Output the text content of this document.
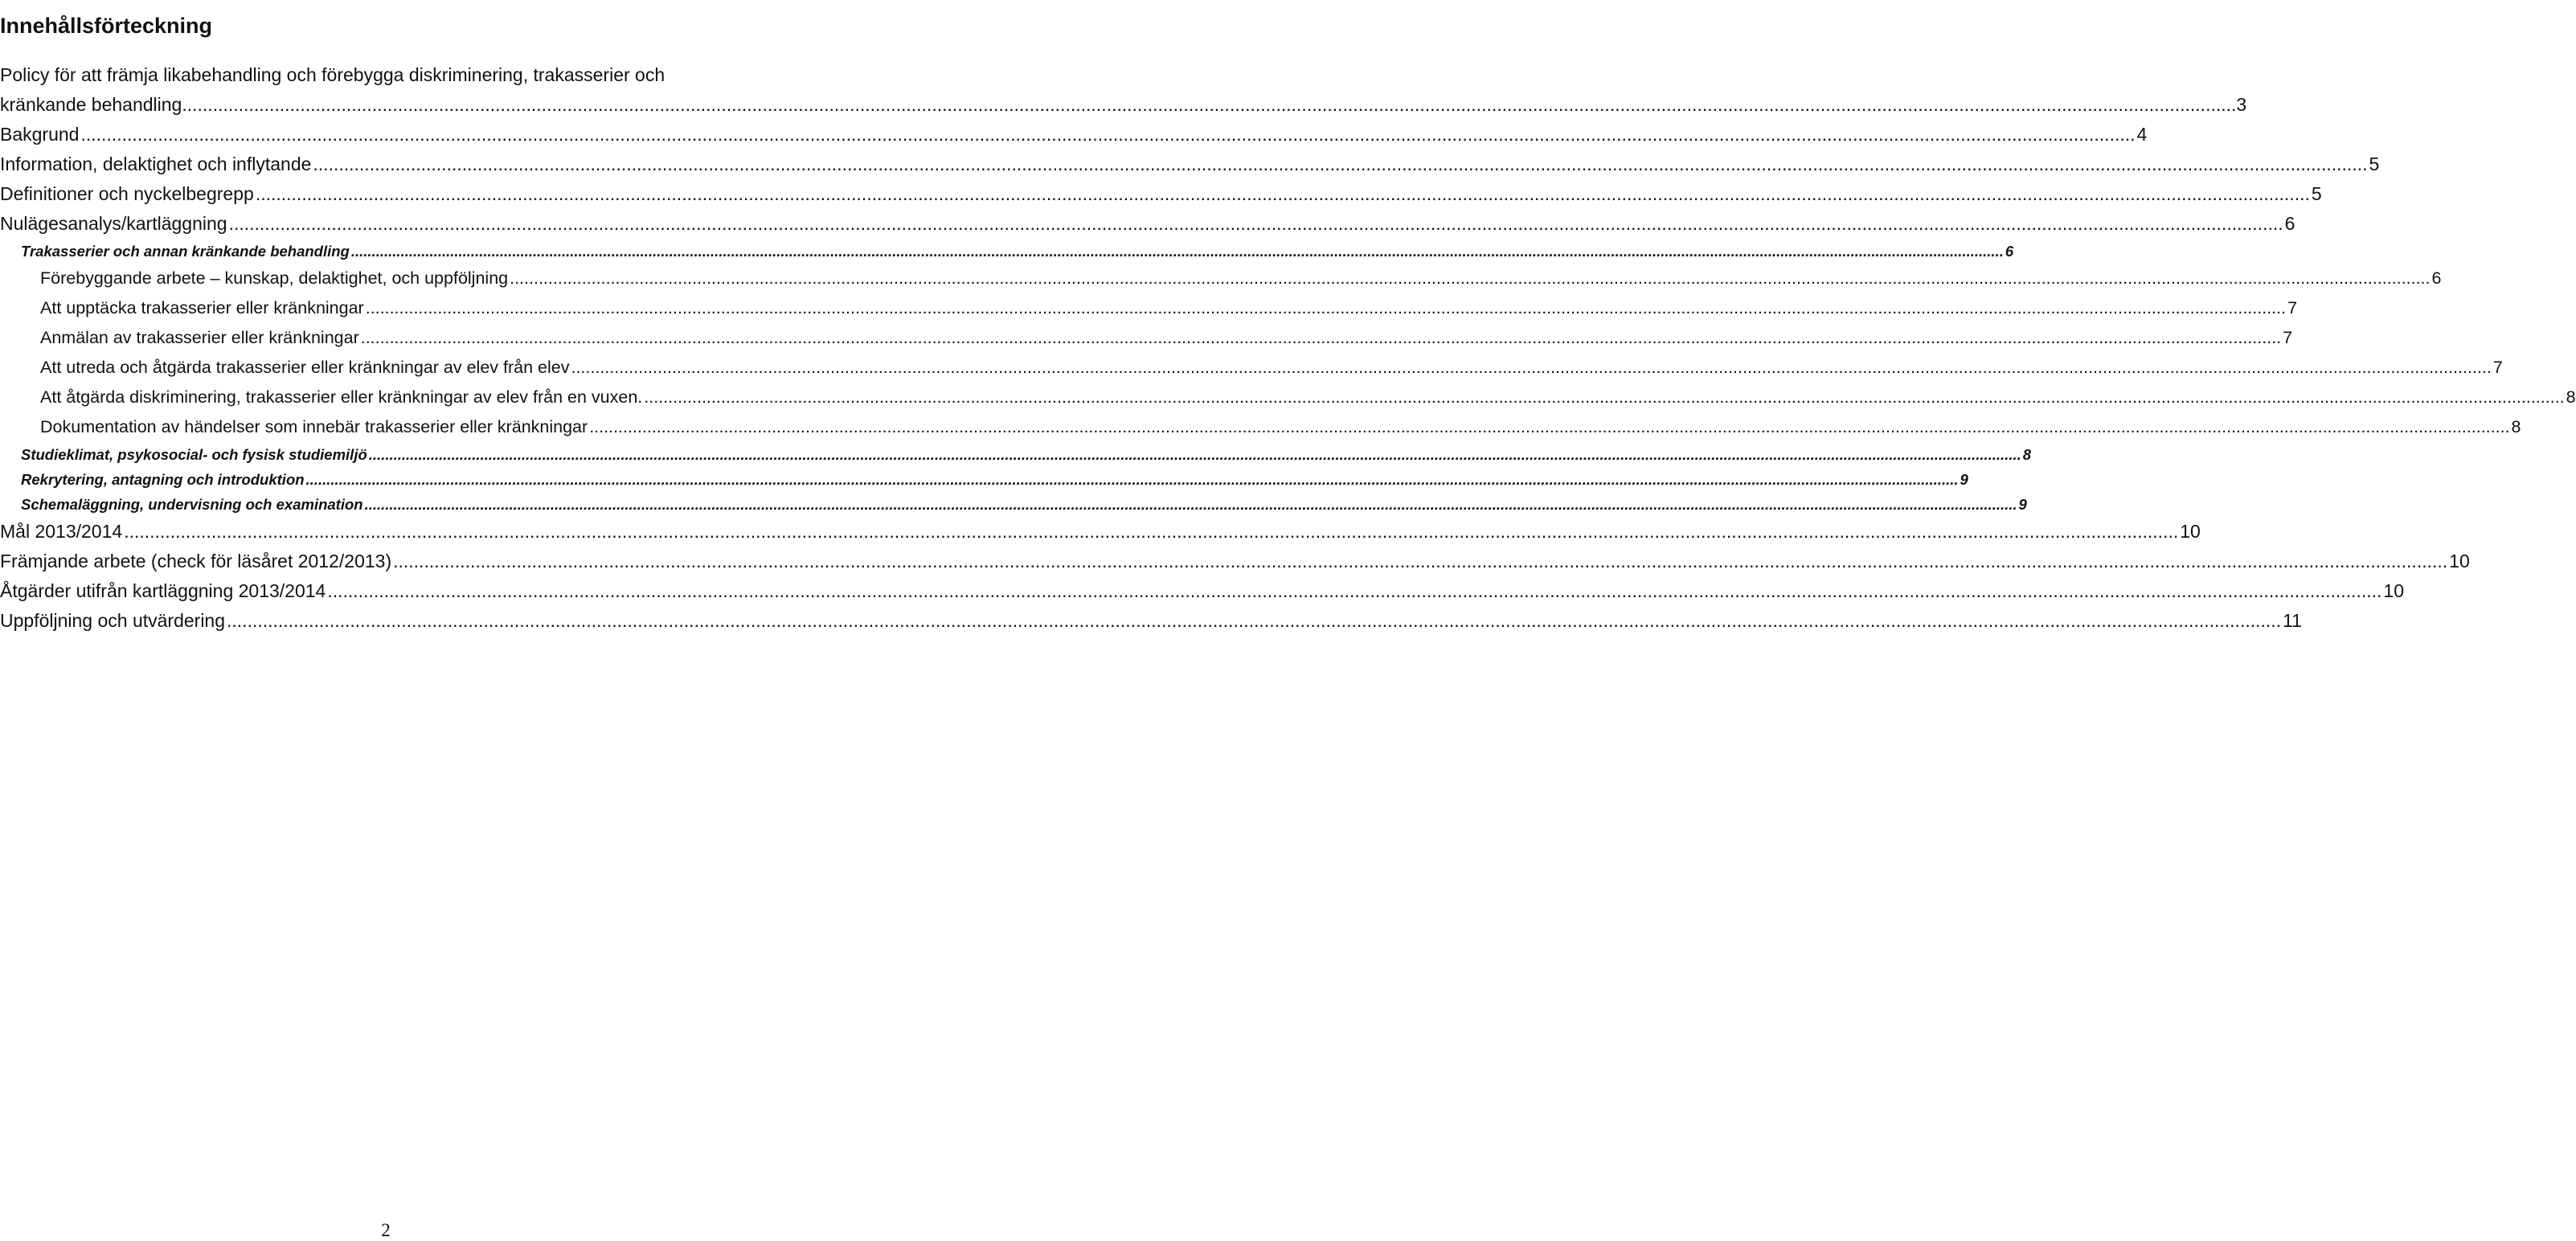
Innehållsförteckning
Policy för att främja likabehandling och förebygga diskriminering, trakasserier och
kränkande behandling ................................................................................................................................................................................................................................................................................................................................................................................................................ 3
Bakgrund ................................................................................................................................................................................................................................................................................................................................................................................................................ 4
Information, delaktighet och inflytande ................................................................................................................................................................................................................................................................................................................................................................................................................ 5
Definitioner och nyckelbegrepp ................................................................................................................................................................................................................................................................................................................................................................................................................ 5
Nulägesanalys/kartläggning ................................................................................................................................................................................................................................................................................................................................................................................................................ 6
Trakasserier och annan kränkande behandling ................................................................................................................................................................................................................................................................................................................................................................................................................ 6
Förebyggande arbete – kunskap, delaktighet, och uppföljning ................................................................................................................................................................................................................................................................................................................................................................................................................ 6
Att upptäcka trakasserier eller kränkningar ................................................................................................................................................................................................................................................................................................................................................................................................................ 7
Anmälan av trakasserier eller kränkningar ................................................................................................................................................................................................................................................................................................................................................................................................................ 7
Att utreda och åtgärda trakasserier eller kränkningar av elev från elev ................................................................................................................................................................................................................................................................................................................................................................................................................ 7
Att åtgärda diskriminering, trakasserier eller kränkningar av elev från en vuxen. ................................................................................................................................................................................................................................................................................................................................................................................................................ 8
Dokumentation av händelser som innebär trakasserier eller kränkningar ................................................................................................................................................................................................................................................................................................................................................................................................................ 8
Studieklimat, psykosocial- och fysisk studiemiljö ................................................................................................................................................................................................................................................................................................................................................................................................................ 8
Rekrytering, antagning och introduktion ................................................................................................................................................................................................................................................................................................................................................................................................................ 9
Schemaläggning, undervisning och examination ................................................................................................................................................................................................................................................................................................................................................................................................................ 9
Mål 2013/2014 ................................................................................................................................................................................................................................................................................................................................................................................................................ 10
Främjande arbete (check för läsåret 2012/2013) ................................................................................................................................................................................................................................................................................................................................................................................................................ 10
Åtgärder utifrån kartläggning 2013/2014 ................................................................................................................................................................................................................................................................................................................................................................................................................ 10
Uppföljning och utvärdering ................................................................................................................................................................................................................................................................................................................................................................................................................ 11
2
